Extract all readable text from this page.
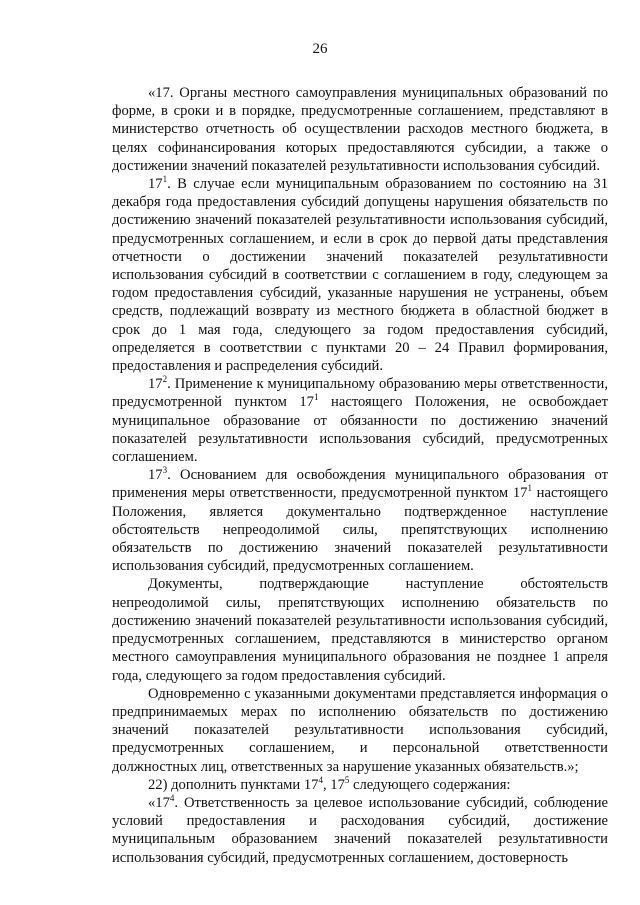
26

«17. Органы местного самоуправления муниципальных образований по форме, в сроки и в порядке, предусмотренные соглашением, представляют в министерство отчетность об осуществлении расходов местного бюджета, в целях софинансирования которых предоставляются субсидии, а также о достижении значений показателей результативности использования субсидий.

$17^1$. В случае если муниципальным образованием по состоянию на 31 декабря года предоставления субсидий допущены нарушения обязательств по достижению значений показателей результативности использования субсидий, предусмотренных соглашением, и если в срок до первой даты представления отчетности о достижении значений показателей результативности использования субсидий в соответствии с соглашением в году, следующем за годом предоставления субсидий, указанные нарушения не устранены, объем средств, подлежащий возврату из местного бюджета в областной бюджет в срок до 1 мая года, следующего за годом предоставления субсидий, определяется в соответствии с пунктами 20 – 24 Правил формирования, предоставления и распределения субсидий.

$17^2$. Применение к муниципальному образованию меры ответственности, предусмотренной пунктом $17^1$ настоящего Положения, не освобождает муниципальное образование от обязанности по достижению значений показателей результативности использования субсидий, предусмотренных соглашением.

$17^3$. Основанием для освобождения муниципального образования от применения меры ответственности, предусмотренной пунктом $17^1$ настоящего Положения, является документально подтвержденное наступление обстоятельств непреодолимой силы, препятствующих исполнению обязательств по достижению значений показателей результативности использования субсидий, предусмотренных соглашением.

Документы, подтверждающие наступление обстоятельств непреодолимой силы, препятствующих исполнению обязательств по достижению значений показателей результативности использования субсидий, предусмотренных соглашением, представляются в министерство органом местного самоуправления муниципального образования не позднее 1 апреля года, следующего за годом предоставления субсидий.

Одновременно с указанными документами представляется информация о предпринимаемых мерах по исполнению обязательств по достижению значений показателей результативности использования субсидий, предусмотренных соглашением, и персональной ответственности должностных лиц, ответственных за нарушение указанных обязательств.»;

22) дополнить пунктами $17^4$, $17^5$ следующего содержания:

«$17^4$. Ответственность за целевое использование субсидий, соблюдение условий предоставления и расходования субсидий, достижение муниципальным образованием значений показателей результативности использования субсидий, предусмотренных соглашением, достоверность
